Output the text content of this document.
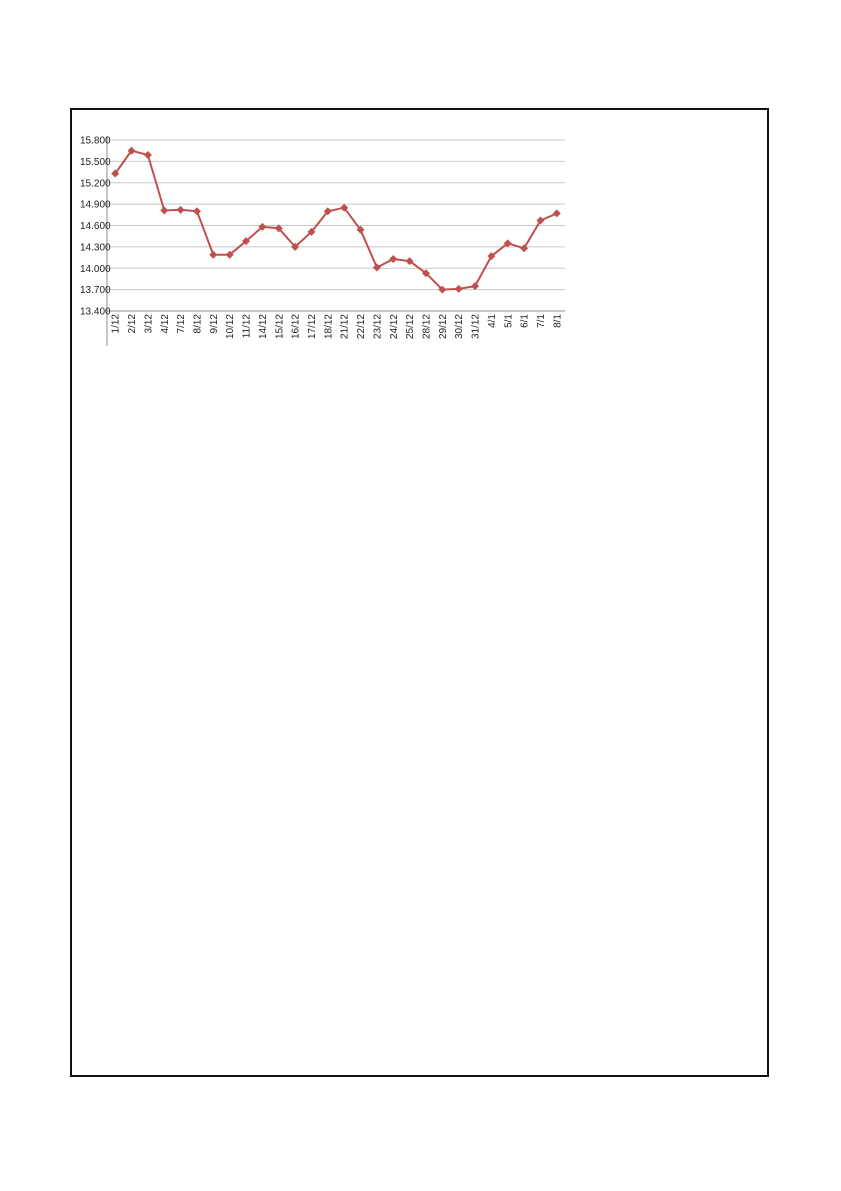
13.400
13.700
14.000
14.300
14.600
14.900
15.200
15.500
15.800
1/12 2/12 3/12 4/12 7/12 8/12 9/12 10/12 11/12 14/12 15/12 16/12 17/12 18/12 21/12 22/12 23/12 24/12 25/12 28/12 29/12 30/12 31/12 4/1 5/1 6/1 7/1 8/1
